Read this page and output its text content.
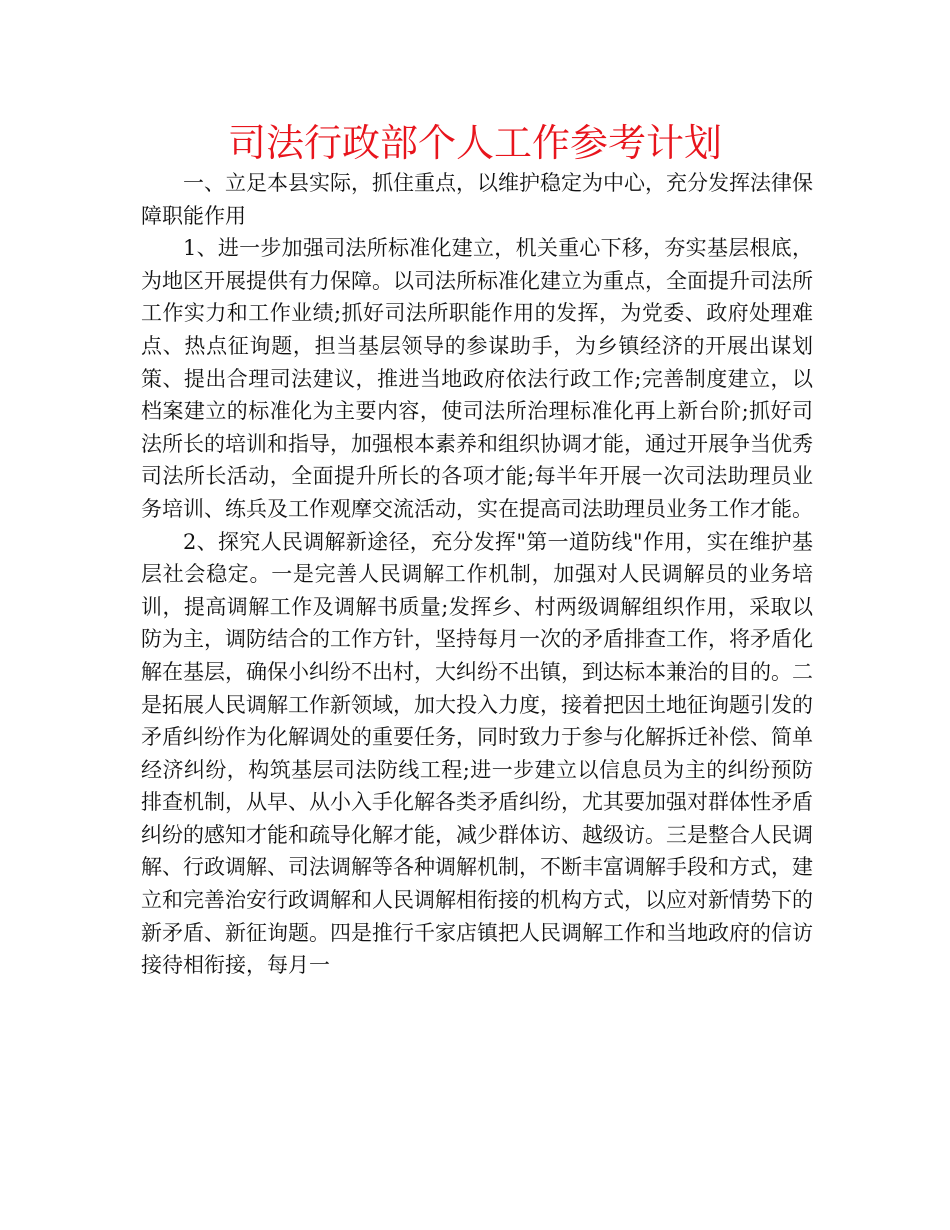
司法行政部个人工作参考计划

一、立足本县实际，抓住重点，以维护稳定为中心，充分发挥法律保障职能作用

1、进一步加强司法所标准化建立，机关重心下移，夯实基层根底，为地区开展提供有力保障。以司法所标准化建立为重点，全面提升司法所工作实力和工作业绩;抓好司法所职能作用的发挥，为党委、政府处理难点、热点征询题，担当基层领导的参谋助手，为乡镇经济的开展出谋划策、提出合理司法建议，推进当地政府依法行政工作;完善制度建立，以档案建立的标准化为主要内容，使司法所治理标准化再上新台阶;抓好司法所长的培训和指导，加强根本素养和组织协调才能，通过开展争当优秀司法所长活动，全面提升所长的各项才能;每半年开展一次司法助理员业务培训、练兵及工作观摩交流活动，实在提高司法助理员业务工作才能。

2、探究人民调解新途径，充分发挥"第一道防线"作用，实在维护基层社会稳定。一是完善人民调解工作机制，加强对人民调解员的业务培训，提高调解工作及调解书质量;发挥乡、村两级调解组织作用，采取以防为主，调防结合的工作方针，坚持每月一次的矛盾排查工作，将矛盾化解在基层，确保小纠纷不出村，大纠纷不出镇，到达标本兼治的目的。二是拓展人民调解工作新领域，加大投入力度，接着把因土地征询题引发的矛盾纠纷作为化解调处的重要任务，同时致力于参与化解拆迁补偿、简单经济纠纷，构筑基层司法防线工程;进一步建立以信息员为主的纠纷预防排查机制，从早、从小入手化解各类矛盾纠纷，尤其要加强对群体性矛盾纠纷的感知才能和疏导化解才能，减少群体访、越级访。三是整合人民调解、行政调解、司法调解等各种调解机制，不断丰富调解手段和方式，建立和完善治安行政调解和人民调解相衔接的机构方式，以应对新情势下的新矛盾、新征询题。四是推行千家店镇把人民调解工作和当地政府的信访接待相衔接，每月一
